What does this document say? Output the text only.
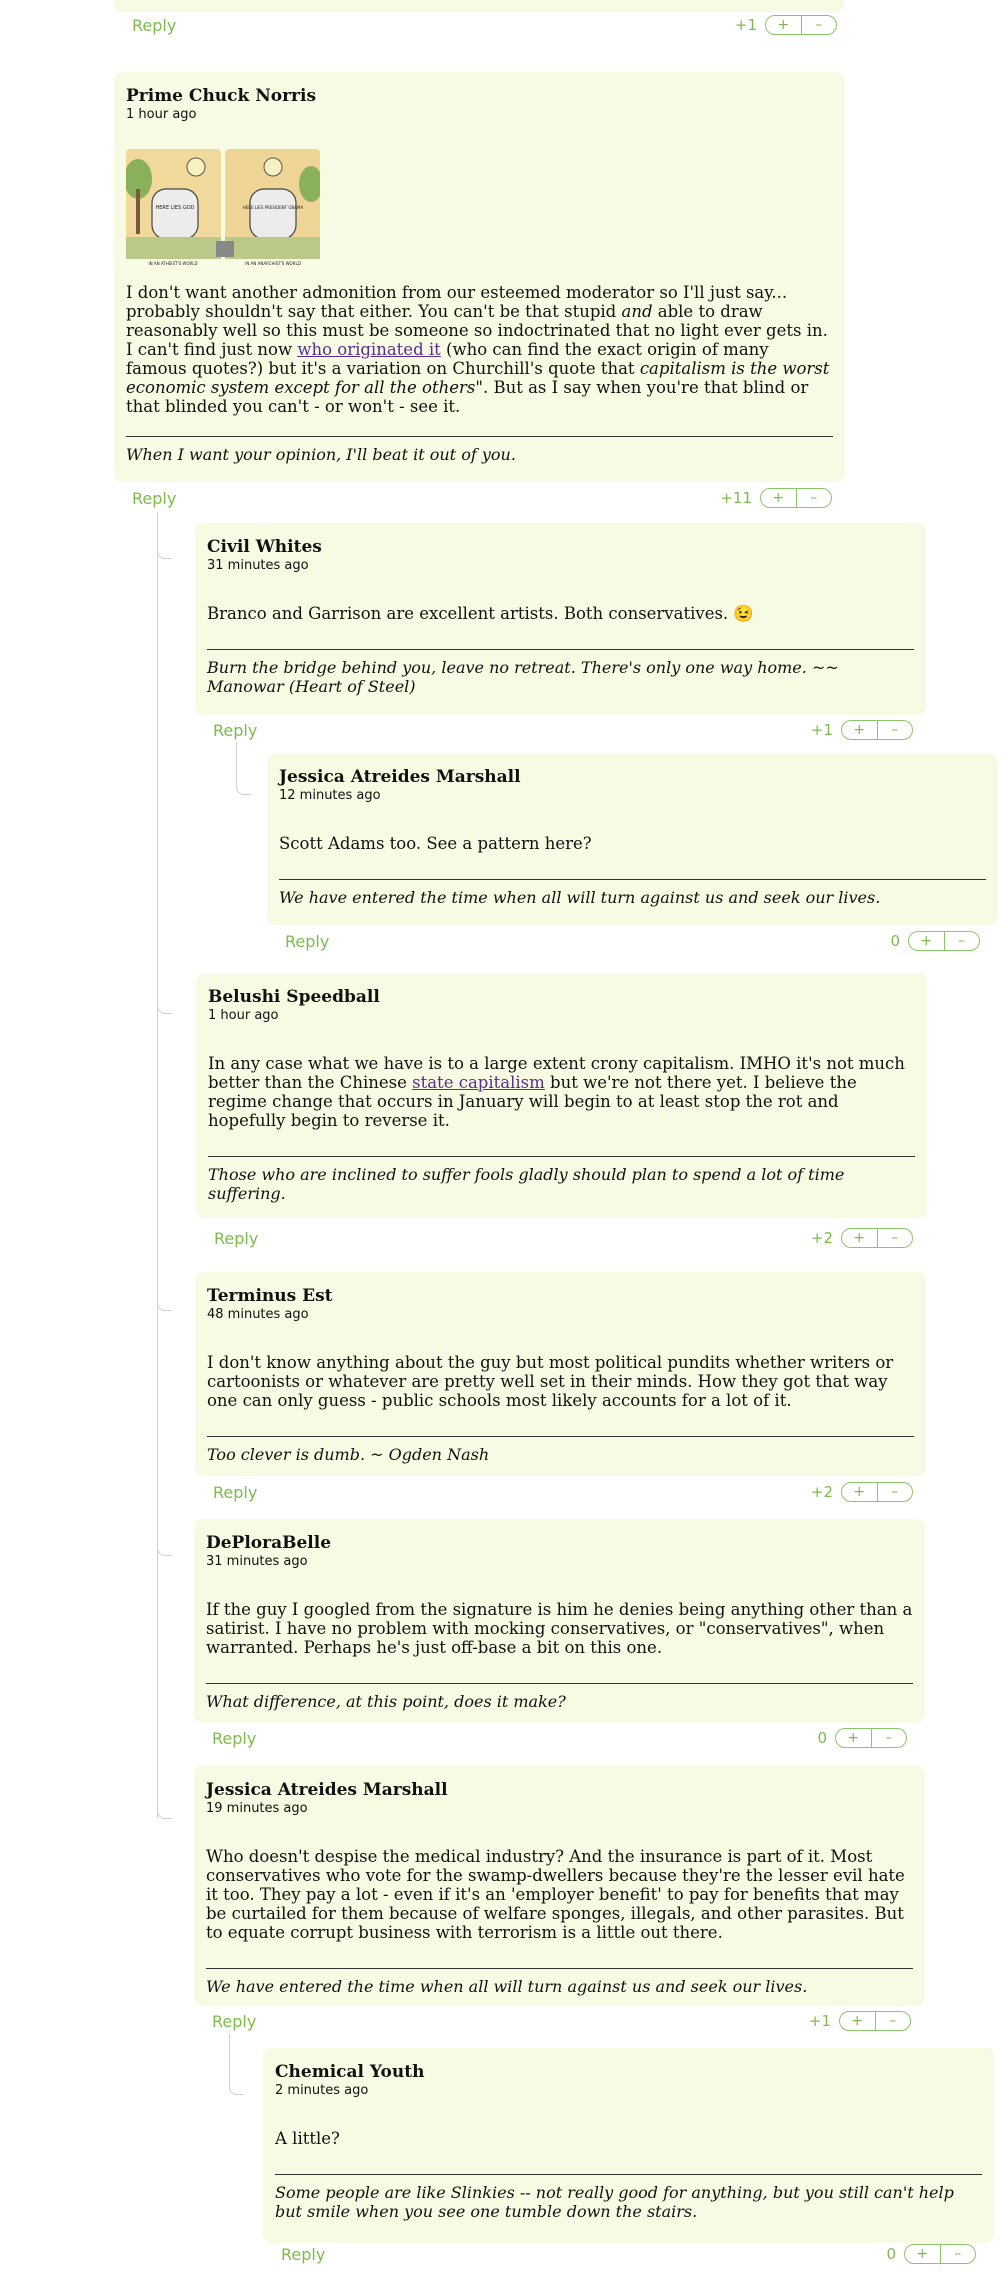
Reply	+1	+	–
Prime Chuck Norris
1 hour ago
HERE LIES GOD	HERE LIES PRESIDENT OBAMA
IN AN ATHEIST'S WORLD	IN AN ANARCHIST'S WORLD
I don't want another admonition from our esteemed moderator so I'll just say... probably shouldn't say that either. You can't be that stupid and able to draw reasonably well so this must be someone so indoctrinated that no light ever gets in. I can't find just now who originated it (who can find the exact origin of many famous quotes?) but it's a variation on Churchill's quote that capitalism is the worst economic system except for all the others". But as I say when you're that blind or that blinded you can't - or won't - see it.
When I want your opinion, I'll beat it out of you.
Reply	+11	+	–
Civil Whites
31 minutes ago
Branco and Garrison are excellent artists. Both conservatives. 😉
Burn the bridge behind you, leave no retreat. There's only one way home. ~~ Manowar (Heart of Steel)
Reply	+1	+	–
Jessica Atreides Marshall
12 minutes ago
Scott Adams too. See a pattern here?
We have entered the time when all will turn against us and seek our lives.
Reply	0	+	–
Belushi Speedball
1 hour ago
In any case what we have is to a large extent crony capitalism. IMHO it's not much better than the Chinese state capitalism but we're not there yet. I believe the regime change that occurs in January will begin to at least stop the rot and hopefully begin to reverse it.
Those who are inclined to suffer fools gladly should plan to spend a lot of time suffering.
Reply	+2	+	–
Terminus Est
48 minutes ago
I don't know anything about the guy but most political pundits whether writers or cartoonists or whatever are pretty well set in their minds. How they got that way one can only guess - public schools most likely accounts for a lot of it.
Too clever is dumb. ~ Ogden Nash
Reply	+2	+	–
DePloraBelle
31 minutes ago
If the guy I googled from the signature is him he denies being anything other than a satirist. I have no problem with mocking conservatives, or "conservatives", when warranted. Perhaps he's just off-base a bit on this one.
What difference, at this point, does it make?
Reply	0	+	–
Jessica Atreides Marshall
19 minutes ago
Who doesn't despise the medical industry? And the insurance is part of it. Most conservatives who vote for the swamp-dwellers because they're the lesser evil hate it too. They pay a lot - even if it's an 'employer benefit' to pay for benefits that may be curtailed for them because of welfare sponges, illegals, and other parasites. But to equate corrupt business with terrorism is a little out there.
We have entered the time when all will turn against us and seek our lives.
Reply	+1	+	–
Chemical Youth
2 minutes ago
A little?
Some people are like Slinkies -- not really good for anything, but you still can't help but smile when you see one tumble down the stairs.
Reply	0	+	–
